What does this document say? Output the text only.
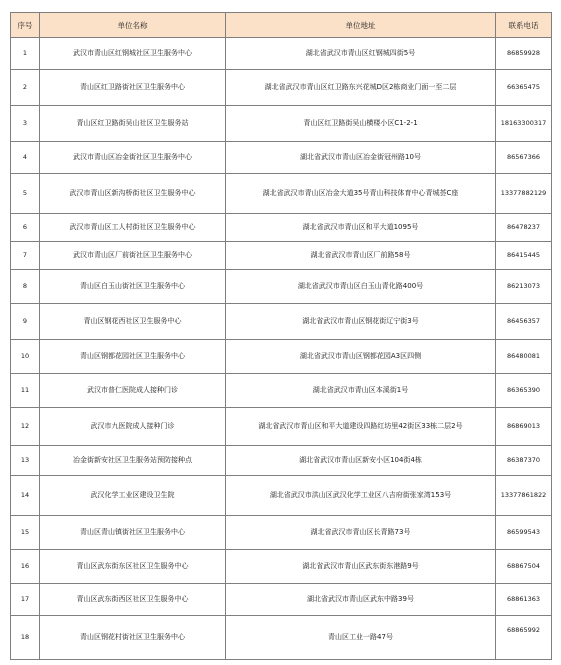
序号	单位名称	单位地址	联系电话
1	武汉市青山区红钢城社区卫生服务中心	湖北省武汉市青山区红钢城四街5号	86859928
2	青山区红卫路街社区卫生服务中心	湖北省武汉市青山区红卫路东兴花城D区2栋商业门面一至二层	66365475
3	青山区红卫路街吴山社区卫生服务站	青山区红卫路街吴山横楼小区C1-2-1	18163300317
4	武汉市青山区冶金街社区卫生服务中心	湖北省武汉市青山区冶金街冠州路10号	86567366
5	武汉市青山区新沟桥街社区卫生服务中心	湖北省武汉市青山区冶金大道35号青山科技体育中心青城荟C座	13377882129
6	武汉市青山区工人村街社区卫生服务中心	湖北省武汉市青山区和平大道1095号	86478237
7	武汉市青山区厂前街社区卫生服务中心	湖北省武汉市青山区厂前路58号	86415445
8	青山区白玉山街社区卫生服务中心	湖北省武汉市青山区白玉山青化路400号	86213073
9	青山区钢花西社区卫生服务中心	湖北省武汉市青山区钢花街辽宁街3号	86456357
10	青山区钢都花园社区卫生服务中心	湖北省武汉市青山区钢都花园A3区四侧	86480081
11	武汉市普仁医院成人接种门诊	湖北省武汉市青山区本溪街1号	86365390
12	武汉市九医院成人接种门诊	湖北省武汉市青山区和平大道建设四路红坊里42街区33栋二层2号	86869013
13	冶金街新安社区卫生服务站预防接种点	湖北省武汉市青山区新安小区104街4栋	86387370
14	武汉化学工业区建设卫生院	湖北省武汉市洪山区武汉化学工业区八吉府街张家湾153号	13377861822
15	青山区青山镇街社区卫生服务中心	湖北省武汉市青山区长青路73号	86599543
16	青山区武东街东区社区卫生服务中心	湖北省武汉市青山区武东街东港路9号	68867504
17	青山区武东街西区社区卫生服务中心	湖北省武汉市青山区武东中路39号	68861363
18	青山区钢花村街社区卫生服务中心	青山区工业一路47号	68865992
